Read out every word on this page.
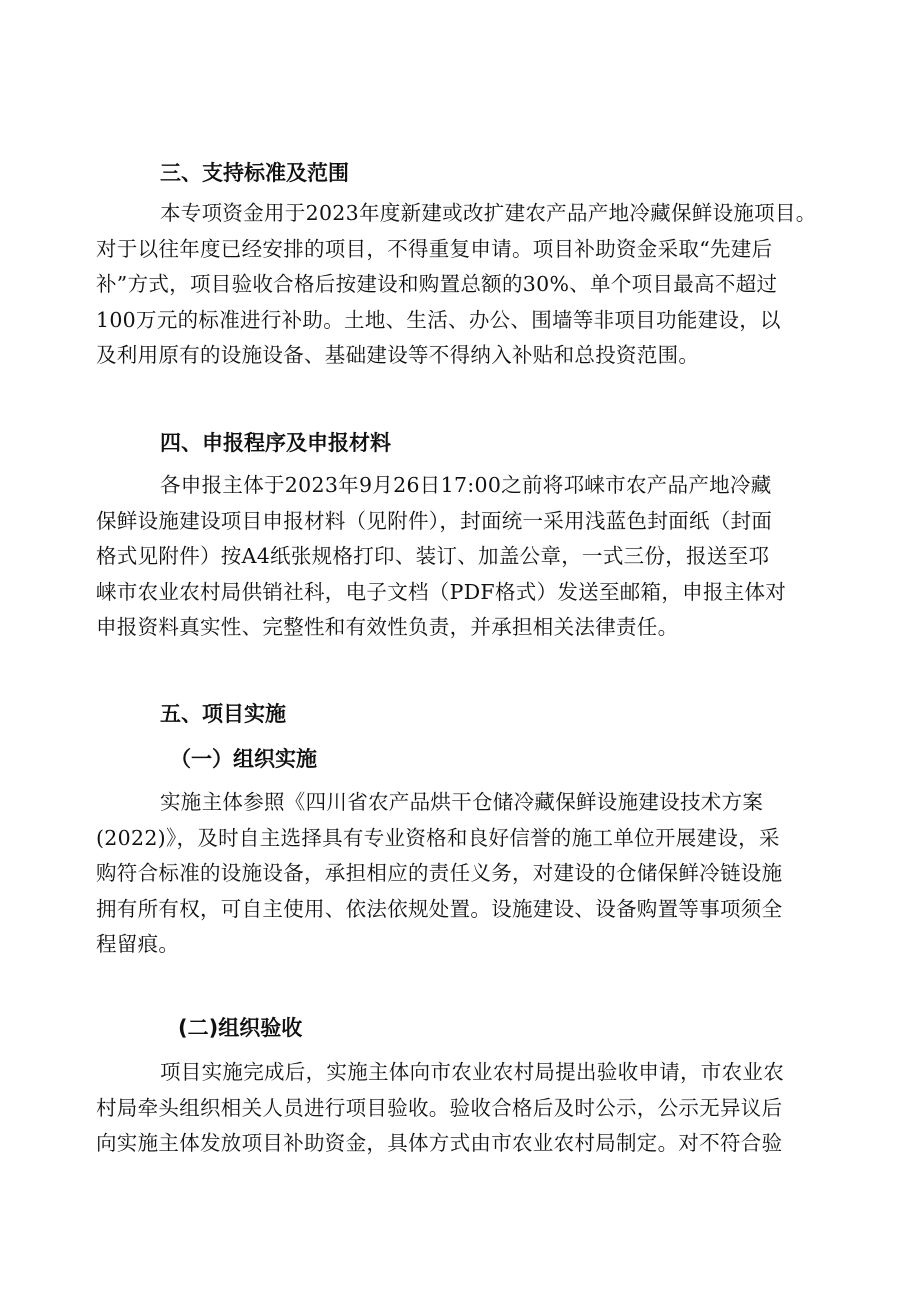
三、支持标准及范围
本专项资金用于2023年度新建或改扩建农产品产地冷藏保鲜设施项目。
对于以往年度已经安排的项目，不得重复申请。项目补助资金采取“先建后
补”方式，项目验收合格后按建设和购置总额的30%、单个项目最高不超过
100万元的标准进行补助。土地、生活、办公、围墙等非项目功能建设，以
及利用原有的设施设备、基础建设等不得纳入补贴和总投资范围。
四、申报程序及申报材料
各申报主体于2023年9月26日17:00之前将邛崃市农产品产地冷藏
保鲜设施建设项目申报材料（见附件），封面统一采用浅蓝色封面纸（封面
格式见附件）按A4纸张规格打印、装订、加盖公章，一式三份，报送至邛
崃市农业农村局供销社科，电子文档（PDF格式）发送至邮箱，申报主体对
申报资料真实性、完整性和有效性负责，并承担相关法律责任。
五、项目实施
（一）组织实施
实施主体参照《四川省农产品烘干仓储冷藏保鲜设施建设技术方案
(2022)》，及时自主选择具有专业资格和良好信誉的施工单位开展建设，采
购符合标准的设施设备，承担相应的责任义务，对建设的仓储保鲜冷链设施
拥有所有权，可自主使用、依法依规处置。设施建设、设备购置等事项须全
程留痕。
(二)组织验收
项目实施完成后，实施主体向市农业农村局提出验收申请，市农业农
村局牵头组织相关人员进行项目验收。验收合格后及时公示，公示无异议后
向实施主体发放项目补助资金，具体方式由市农业农村局制定。对不符合验
